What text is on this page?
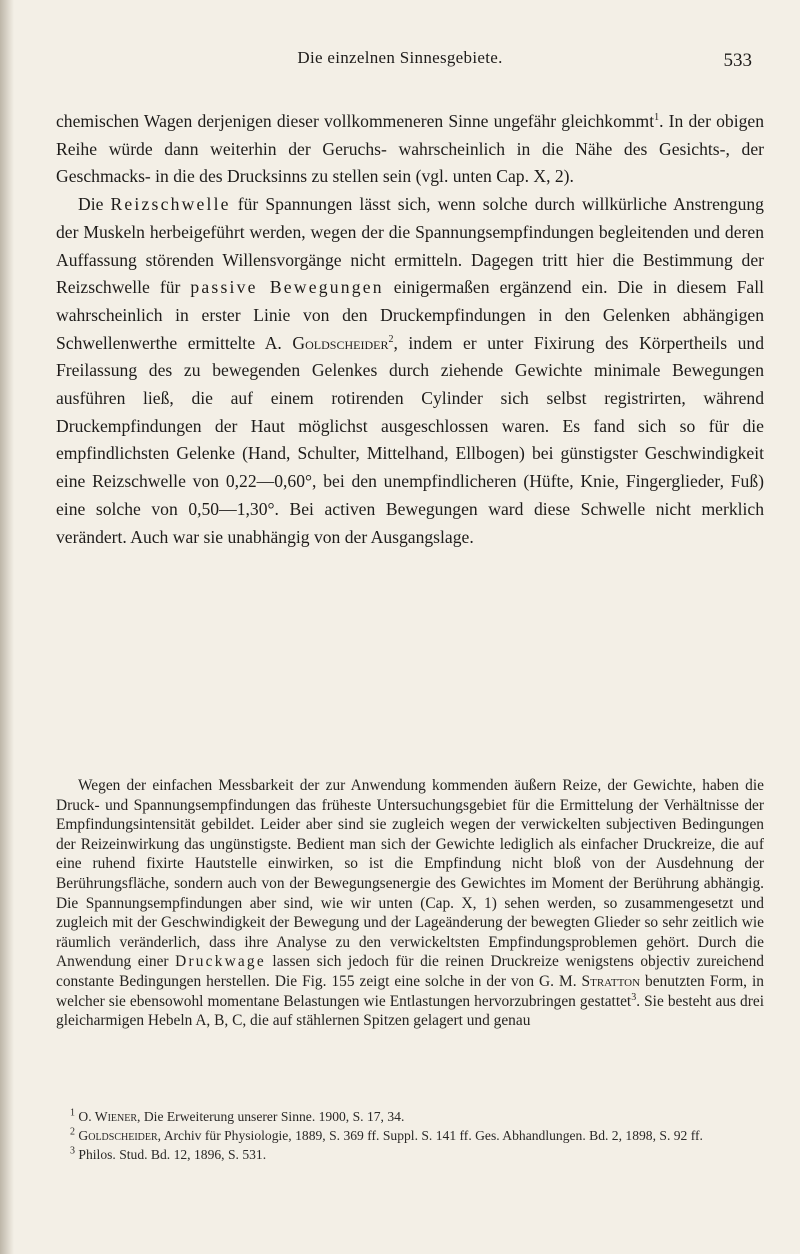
Die einzelnen Sinnesgebiete.	533

chemischen Wagen derjenigen dieser vollkommeneren Sinne ungefähr gleichkommt$^1$. In der obigen Reihe würde dann weiterhin der Geruchs- wahrscheinlich in die Nähe des Gesichts-, der Geschmacks- in die des Drucksinns zu stellen sein (vgl. unten Cap. X, 2).

Die Reizschwelle für Spannungen lässt sich, wenn solche durch willkürliche Anstrengung der Muskeln herbeigeführt werden, wegen der die Spannungsempfindungen begleitenden und deren Auffassung störenden Willensvorgänge nicht ermitteln. Dagegen tritt hier die Bestimmung der Reizschwelle für passive Bewegungen einigermaßen ergänzend ein. Die in diesem Fall wahrscheinlich in erster Linie von den Druckempfindungen in den Gelenken abhängigen Schwellenwerthe ermittelte A. Goldscheider$^2$, indem er unter Fixirung des Körpertheils und Freilassung des zu bewegenden Gelenkes durch ziehende Gewichte minimale Bewegungen ausführen ließ, die auf einem rotirenden Cylinder sich selbst registrirten, während Druckempfindungen der Haut möglichst ausgeschlossen waren. Es fand sich so für die empfindlichsten Gelenke (Hand, Schulter, Mittelhand, Ellbogen) bei günstigster Geschwindigkeit eine Reizschwelle von 0,22—0,60°, bei den unempfindlicheren (Hüfte, Knie, Fingerglieder, Fuß) eine solche von 0,50—1,30°. Bei activen Bewegungen ward diese Schwelle nicht merklich verändert. Auch war sie unabhängig von der Ausgangslage.

Wegen der einfachen Messbarkeit der zur Anwendung kommenden äußern Reize, der Gewichte, haben die Druck- und Spannungsempfindungen das früheste Untersuchungsgebiet für die Ermittelung der Verhältnisse der Empfindungsintensität gebildet. Leider aber sind sie zugleich wegen der verwickelten subjectiven Bedingungen der Reizeinwirkung das ungünstigste. Bedient man sich der Gewichte lediglich als einfacher Druckreize, die auf eine ruhend fixirte Hautstelle einwirken, so ist die Empfindung nicht bloß von der Ausdehnung der Berührungsfläche, sondern auch von der Bewegungsenergie des Gewichtes im Moment der Berührung abhängig. Die Spannungsempfindungen aber sind, wie wir unten (Cap. X, 1) sehen werden, so zusammengesetzt und zugleich mit der Geschwindigkeit der Bewegung und der Lageänderung der bewegten Glieder so sehr zeitlich wie räumlich veränderlich, dass ihre Analyse zu den verwickeltsten Empfindungsproblemen gehört. Durch die Anwendung einer Druckwage lassen sich jedoch für die reinen Druckreize wenigstens objectiv zureichend constante Bedingungen herstellen. Die Fig. 155 zeigt eine solche in der von G. M. Stratton benutzten Form, in welcher sie ebensowohl momentane Belastungen wie Entlastungen hervorzubringen gestattet$^3$. Sie besteht aus drei gleicharmigen Hebeln A, B, C, die auf stählernen Spitzen gelagert und genau

$^1$ O. Wiener, Die Erweiterung unserer Sinne. 1900, S. 17, 34.

$^2$ Goldscheider, Archiv für Physiologie, 1889, S. 369 ff. Suppl. S. 141 ff. Ges. Abhandlungen. Bd. 2, 1898, S. 92 ff.

$^3$ Philos. Stud. Bd. 12, 1896, S. 531.
